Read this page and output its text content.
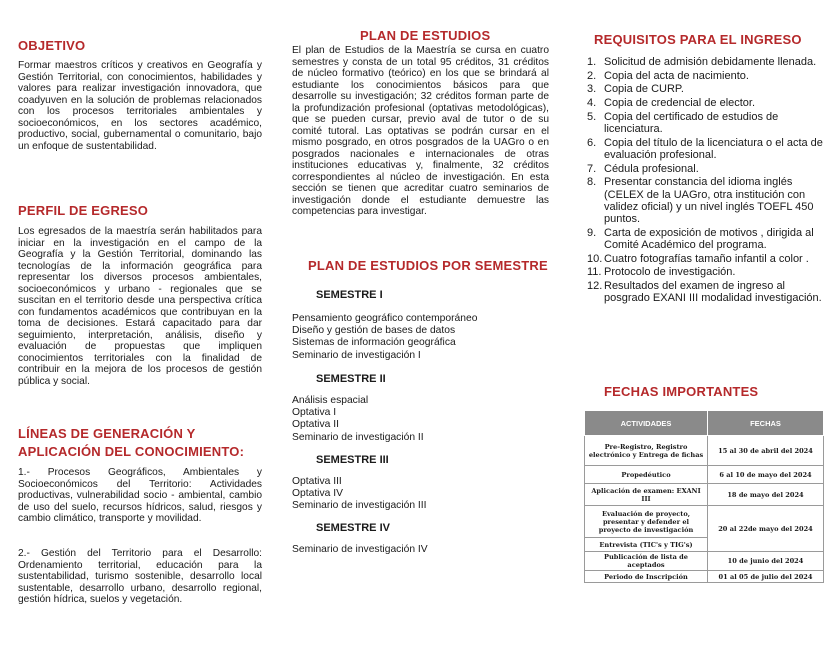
OBJETIVO

Formar maestros críticos y creativos en Geografía y Gestión Territorial, con conocimientos, habilidades y valores para realizar investigación innovadora, que coadyuven en la solución de problemas relacionados con los procesos territoriales ambientales y socioeconómicos, en los sectores académico, productivo, social, gubernamental o comunitario, bajo un enfoque de sustentabilidad.

PERFIL DE EGRESO

Los egresados de la maestría serán habilitados para iniciar en la investigación en el campo de la Geografía y la Gestión Territorial, dominando las tecnologías de la información geográfica para representar los diversos procesos ambientales, socioeconómicos y urbano - regionales que se suscitan en el territorio desde una perspectiva crítica con fundamentos académicos que contribuyan en la toma de decisiones. Estará capacitado para dar seguimiento, interpretación, análisis, diseño y evaluación de propuestas que impliquen conocimientos territoriales con la finalidad de contribuir en la mejora de los procesos de gestión pública y social.

LÍNEAS DE GENERACIÓN Y
APLICACIÓN DEL CONOCIMIENTO:

1.- Procesos Geográficos, Ambientales y Socioeconómicos del Territorio: Actividades productivas, vulnerabilidad socio - ambiental, cambio de uso del suelo, recursos hídricos, salud, riesgos y cambio climático, transporte y movilidad.

2.- Gestión del Territorio para el Desarrollo: Ordenamiento territorial, educación para la sustentabilidad, turismo sostenible, desarrollo local sustentable, desarrollo urbano, desarrollo regional, gestión hídrica, suelos y vegetación.

PLAN DE ESTUDIOS

El plan de Estudios de la Maestría se cursa en cuatro semestres y consta de un total 95 créditos, 31 créditos de núcleo formativo (teórico) en los que se brindará al estudiante los conocimientos básicos para que desarrolle su investigación; 32 créditos forman parte de la profundización profesional (optativas metodológicas), que se pueden cursar, previo aval de tutor o de su comité tutoral. Las optativas se podrán cursar en el mismo posgrado, en otros posgrados de la UAGro o en posgrados nacionales e internacionales de otras instituciones educativas y, finalmente, 32 créditos correspondientes al núcleo de investigación. En esta sección se tienen que acreditar cuatro seminarios de investigación donde el estudiante demuestre las competencias para investigar.

PLAN DE ESTUDIOS POR SEMESTRE
SEMESTRE I
Pensamiento geográfico contemporáneo
Diseño y gestión de bases de datos
Sistemas de información geográfica
Seminario de investigación I
SEMESTRE II
Análisis espacial
Optativa I
Optativa II
Seminario de investigación II
SEMESTRE III
Optativa III
Optativa IV
Seminario de investigación III
SEMESTRE IV
Seminario de investigación IV
REQUISITOS PARA EL INGRESO
1. Solicitud de admisión debidamente llenada.
2. Copia del acta de nacimiento.
3. Copia de CURP.
4. Copia de credencial de elector.
5. Copia del certificado de estudios de licenciatura.
6. Copia del título de la licenciatura o el acta de evaluación profesional.
7. Cédula profesional.
8. Presentar constancia del idioma inglés (CELEX de la UAGro, otra institución con validez oficial) y un nivel inglés TOEFL 450 puntos.
9. Carta de exposición de motivos , dirigida al Comité Académico del programa.
10. Cuatro fotografías tamaño infantil a color .
11. Protocolo de investigación.
12. Resultados del examen de ingreso al posgrado EXANI III modalidad investigación.
FECHAS IMPORTANTES
ACTIVIDADES	FECHAS
Pre-Registro, Registro electrónico y Entrega de fichas	15 al 30 de abril del 2024
Propedéutico	6 al 10 de mayo del 2024
Aplicación de examen: EXANI III	18 de mayo del 2024
Evaluación de proyecto, presentar y defender el proyecto de investigación	20 al 22de mayo del 2024
Entrevista (TIC's y TIG's)	
Publicación de lista de aceptados	10 de junio del 2024
Periodo de Inscripción	01 al 05 de julio del 2024
